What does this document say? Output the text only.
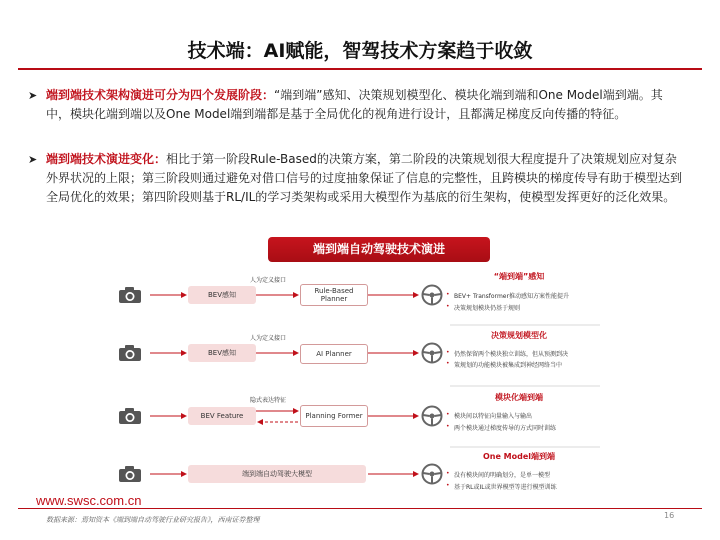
技术端：AI赋能，智驾技术方案趋于收敛
➤ 端到端技术架构演进可分为四个发展阶段：“端到端”感知、决策规划模型化、模块化端到端和One Model端到端。其中，模块化端到端以及One Model端到端都是基于全局优化的视角进行设计，且都满足梯度反向传播的特征。
➤ 端到端技术演进变化：相比于第一阶段Rule-Based的决策方案，第二阶段的决策规划很大程度提升了决策规划应对复杂外界状况的上限；第三阶段则通过避免对借口信号的过度抽象保证了信息的完整性，且跨模块的梯度传导有助于模型达到全局优化的效果；第四阶段则基于RL/IL的学习类架构或采用大模型作为基底的衍生架构，使模型发挥更好的泛化效果。
端到端自动驾驶技术演进
人为定义接口
BEV感知	Rule-Based Planner
人为定义接口
BEV感知	AI Planner
隐式表达特征
BEV Feature	Planning Former
端到端自动驾驶大模型
“端到端”感知
• BEV+ Transformer推动感知方案性能提升
• 决策规划模块仍基于规则
决策规划模型化
• 仍然保留两个模块独立训练，但从预测到决
• 策规划的功能模块被集成到神经网络当中
模块化端到端
• 模块间以特征向量输入与输出
• 两个模块通过梯度传导的方式同时训练
One Model端到端
• 没有模块间的明确划分，是单一模型
• 基于RL或IL或世界模型等进行模型训练
www.swsc.com.cn
数据来源：焉知资本《端到端自动驾驶行业研究报告》，西南证券整理	16
